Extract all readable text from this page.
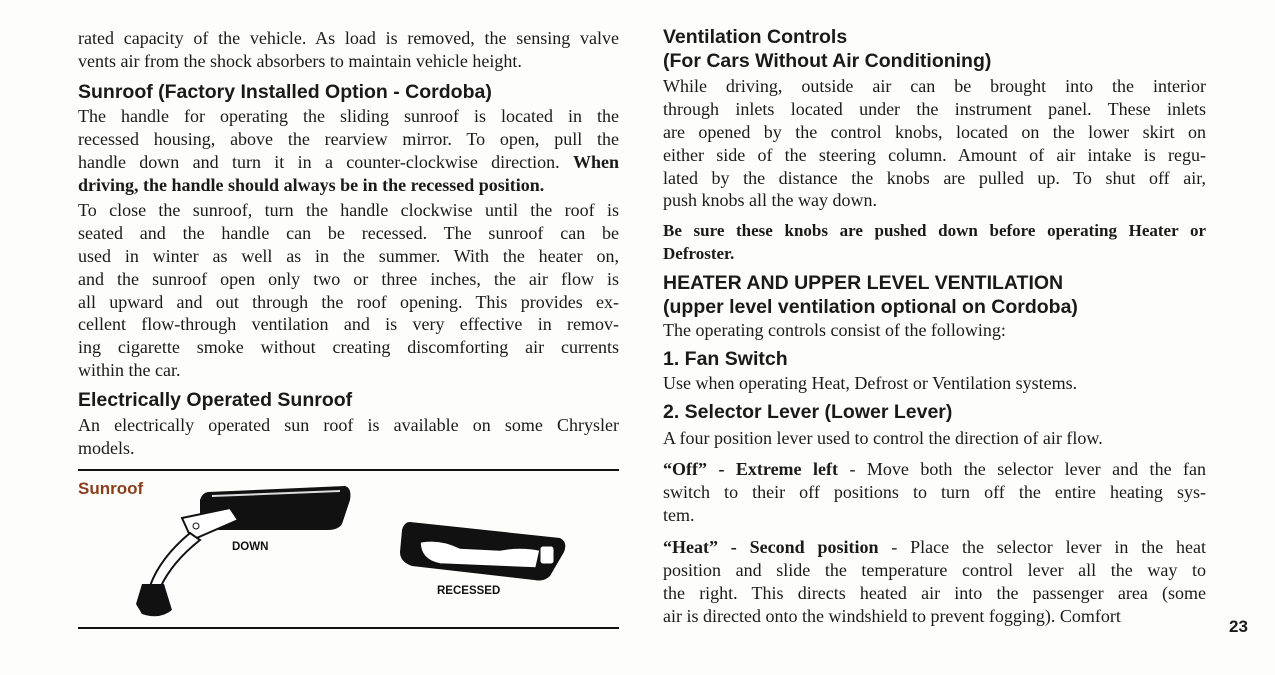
rated capacity of the vehicle. As load is removed, the sensing valve
vents air from the shock absorbers to maintain vehicle height.
Sunroof (Factory Installed Option - Cordoba)
The handle for operating the sliding sunroof is located in the
recessed housing, above the rearview mirror. To open, pull the
handle down and turn it in a counter-clockwise direction. When
driving, the handle should always be in the recessed position.
To close the sunroof, turn the handle clockwise until the roof is
seated and the handle can be recessed. The sunroof can be
used in winter as well as in the summer. With the heater on,
and the sunroof open only two or three inches, the air flow is
all upward and out through the roof opening. This provides ex-
cellent flow-through ventilation and is very effective in remov-
ing cigarette smoke without creating discomforting air currents
within the car.
Electrically Operated Sunroof
An electrically operated sun roof is available on some Chrysler
models.
Ventilation Controls
(For Cars Without Air Conditioning)
While driving, outside air can be brought into the interior
through inlets located under the instrument panel. These inlets
are opened by the control knobs, located on the lower skirt on
either side of the steering column. Amount of air intake is regu-
lated by the distance the knobs are pulled up. To shut off air,
push knobs all the way down.
Be sure these knobs are pushed down before operating Heater or
Defroster.
HEATER AND UPPER LEVEL VENTILATION
(upper level ventilation optional on Cordoba)
The operating controls consist of the following:
1. Fan Switch
Use when operating Heat, Defrost or Ventilation systems.
2. Selector Lever (Lower Lever)
A four position lever used to control the direction of air flow.
“Off” - Extreme left - Move both the selector lever and the fan
switch to their off positions to turn off the entire heating sys-
tem.
“Heat” - Second position - Place the selector lever in the heat
position and slide the temperature control lever all the way to
the right. This directs heated air into the passenger area (some
air is directed onto the windshield to prevent fogging). Comfort
Sunroof
DOWN
RECESSED
23
